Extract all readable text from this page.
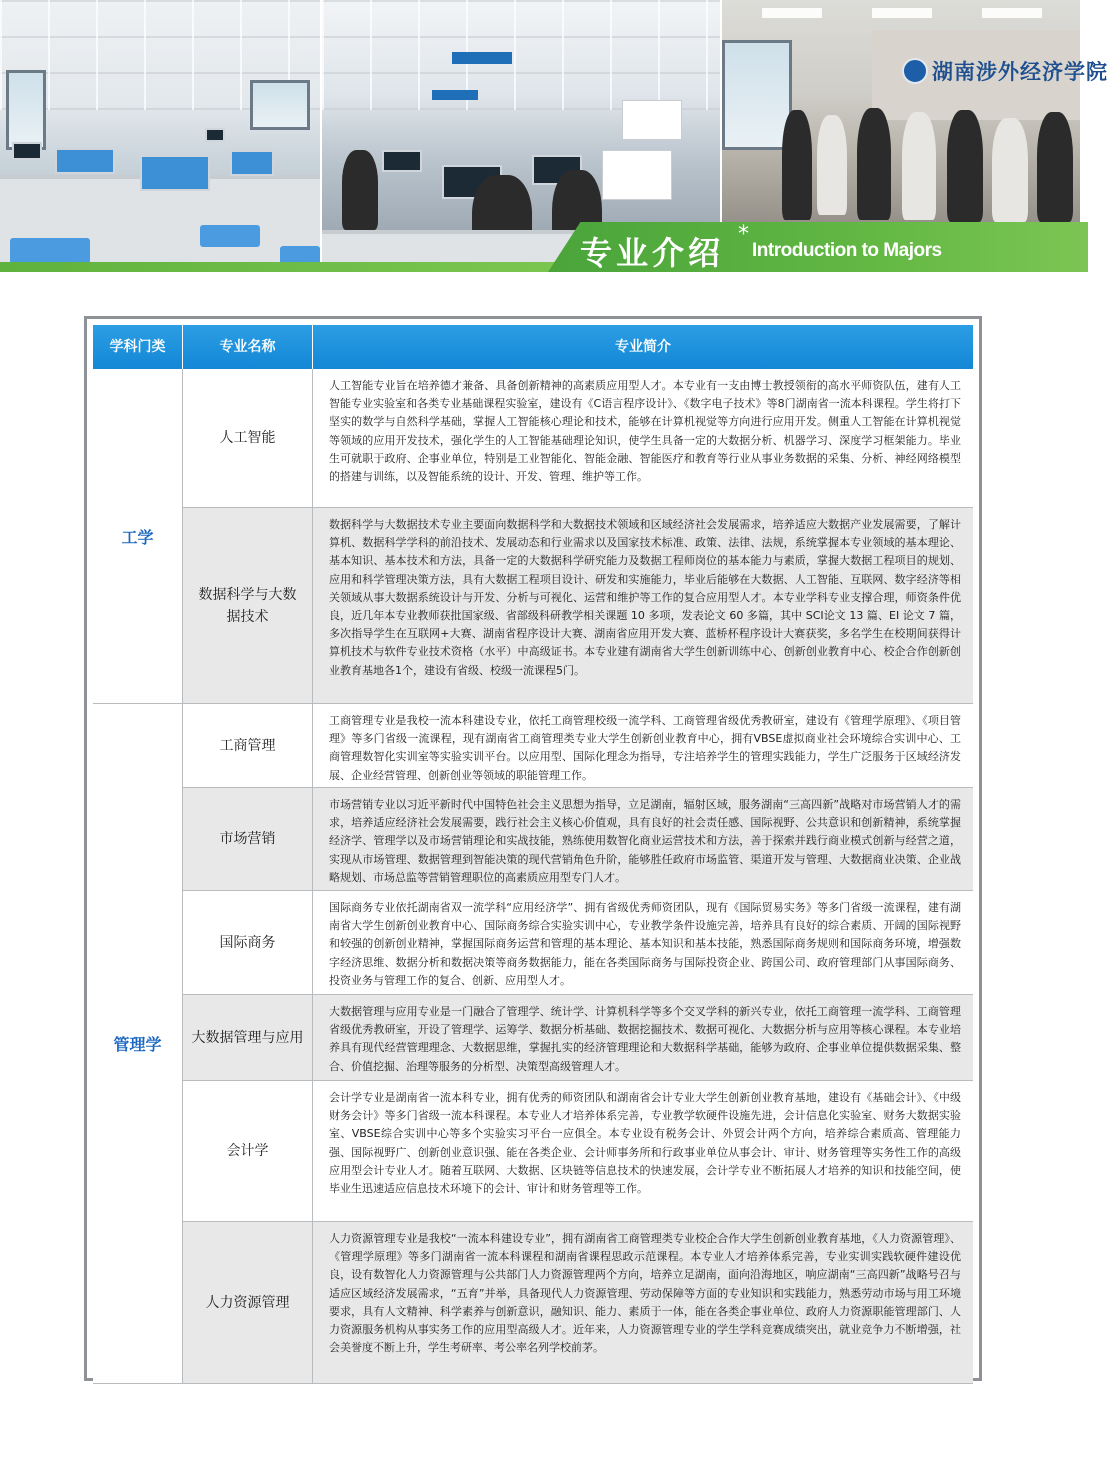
湖南涉外经济学院
专业介绍 *
Introduction to Majors
学科门类	专业名称	专业简介
工学
人工智能
人工智能专业旨在培养德才兼备、具备创新精神的高素质应用型人才。本专业有一支由博士教授领衔的高水平师资队伍，建有人工智能专业实验室和各类专业基础课程实验室，建设有《C语言程序设计》、《数字电子技术》等8门湖南省一流本科课程。学生将打下坚实的数学与自然科学基础，掌握人工智能核心理论和技术，能够在计算机视觉等方向进行应用开发。侧重人工智能在计算机视觉等领域的应用开发技术，强化学生的人工智能基础理论知识，使学生具备一定的大数据分析、机器学习、深度学习框架能力。毕业生可就职于政府、企事业单位，特别是工业智能化、智能金融、智能医疗和教育等行业从事业务数据的采集、分析、神经网络模型的搭建与训练，以及智能系统的设计、开发、管理、维护等工作。
数据科学与大数据技术
数据科学与大数据技术专业主要面向数据科学和大数据技术领域和区域经济社会发展需求，培养适应大数据产业发展需要，了解计算机、数据科学学科的前沿技术、发展动态和行业需求以及国家技术标准、政策、法律、法规，系统掌握本专业领域的基本理论、基本知识、基本技术和方法，具备一定的大数据科学研究能力及数据工程师岗位的基本能力与素质，掌握大数据工程项目的规划、应用和科学管理决策方法，具有大数据工程项目设计、研发和实施能力，毕业后能够在大数据、人工智能、互联网、数字经济等相关领域从事大数据系统设计与开发、分析与可视化、运营和维护等工作的复合应用型人才。本专业学科专业支撑合理，师资条件优良，近几年本专业教师获批国家级、省部级科研教学相关课题 10 多项，发表论文 60 多篇，其中 SCI论文 13 篇、EI 论文 7 篇，多次指导学生在互联网+大赛、湖南省程序设计大赛、湖南省应用开发大赛、蓝桥杯程序设计大赛获奖，多名学生在校期间获得计算机技术与软件专业技术资格（水平）中高级证书。本专业建有湖南省大学生创新训练中心、创新创业教育中心、校企合作创新创业教育基地各1个，建设有省级、校级一流课程5门。
管理学
工商管理
工商管理专业是我校一流本科建设专业，依托工商管理校级一流学科、工商管理省级优秀教研室，建设有《管理学原理》、《项目管理》等多门省级一流课程，现有湖南省工商管理类专业大学生创新创业教育中心，拥有VBSE虚拟商业社会环境综合实训中心、工商管理数智化实训室等实验实训平台。以应用型、国际化理念为指导，专注培养学生的管理实践能力，学生广泛服务于区域经济发展、企业经营管理、创新创业等领域的职能管理工作。
市场营销
市场营销专业以习近平新时代中国特色社会主义思想为指导，立足湖南，辐射区域，服务湖南“三高四新”战略对市场营销人才的需求，培养适应经济社会发展需要，践行社会主义核心价值观，具有良好的社会责任感、国际视野、公共意识和创新精神，系统掌握经济学、管理学以及市场营销理论和实战技能，熟练使用数智化商业运营技术和方法，善于探索并践行商业模式创新与经营之道，实现从市场管理、数据管理到智能决策的现代营销角色升阶，能够胜任政府市场监管、渠道开发与管理、大数据商业决策、企业战略规划、市场总监等营销管理职位的高素质应用型专门人才。
国际商务
国际商务专业依托湖南省双一流学科“应用经济学”、拥有省级优秀师资团队，现有《国际贸易实务》等多门省级一流课程，建有湖南省大学生创新创业教育中心、国际商务综合实验实训中心，专业教学条件设施完善，培养具有良好的综合素质、开阔的国际视野和较强的创新创业精神，掌握国际商务运营和管理的基本理论、基本知识和基本技能，熟悉国际商务规则和国际商务环境，增强数字经济思维、数据分析和数据决策等商务数据能力，能在各类国际商务与国际投资企业、跨国公司、政府管理部门从事国际商务、投资业务与管理工作的复合、创新、应用型人才。
大数据管理与应用
大数据管理与应用专业是一门融合了管理学、统计学、计算机科学等多个交叉学科的新兴专业，依托工商管理一流学科、工商管理省级优秀教研室，开设了管理学、运筹学、数据分析基础、数据挖掘技术、数据可视化、大数据分析与应用等核心课程。本专业培养具有现代经营管理理念、大数据思维，掌握扎实的经济管理理论和大数据科学基础，能够为政府、企事业单位提供数据采集、整合、价值挖掘、治理等服务的分析型、决策型高级管理人才。
会计学
会计学专业是湖南省一流本科专业，拥有优秀的师资团队和湖南省会计专业大学生创新创业教育基地，建设有《基础会计》、《中级财务会计》等多门省级一流本科课程。本专业人才培养体系完善，专业教学软硬件设施先进，会计信息化实验室、财务大数据实验室、VBSE综合实训中心等多个实验实习平台一应俱全。本专业设有税务会计、外贸会计两个方向，培养综合素质高、管理能力强、国际视野广、创新创业意识强、能在各类企业、会计师事务所和行政事业单位从事会计、审计、财务管理等实务性工作的高级应用型会计专业人才。随着互联网、大数据、区块链等信息技术的快速发展，会计学专业不断拓展人才培养的知识和技能空间，使毕业生迅速适应信息技术环境下的会计、审计和财务管理等工作。
人力资源管理
人力资源管理专业是我校“一流本科建设专业”，拥有湖南省工商管理类专业校企合作大学生创新创业教育基地，《人力资源管理》、《管理学原理》等多门湖南省一流本科课程和湖南省课程思政示范课程。本专业人才培养体系完善，专业实训实践软硬件建设优良，设有数智化人力资源管理与公共部门人力资源管理两个方向，培养立足湖南，面向沿海地区，响应湖南“三高四新”战略号召与适应区域经济发展需求，“五育”并举，具备现代人力资源管理、劳动保障等方面的专业知识和实践能力，熟悉劳动市场与用工环境要求，具有人文精神、科学素养与创新意识，融知识、能力、素质于一体，能在各类企事业单位、政府人力资源职能管理部门、人力资源服务机构从事实务工作的应用型高级人才。近年来，人力资源管理专业的学生学科竞赛成绩突出，就业竞争力不断增强，社会美誉度不断上升，学生考研率、考公率名列学校前茅。
